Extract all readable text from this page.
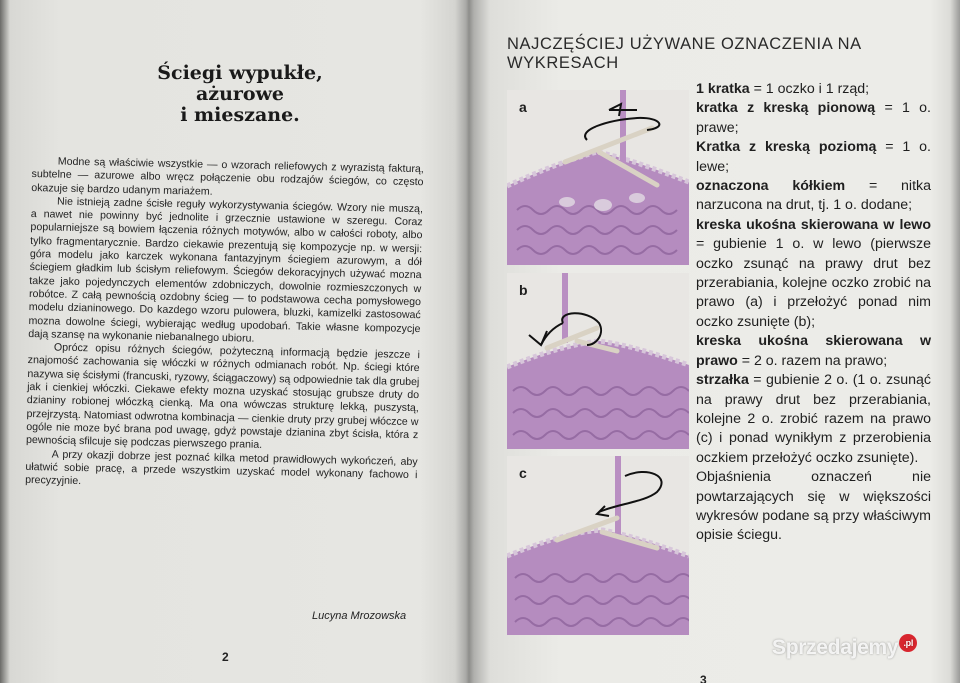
Ściegi wypukłe,
ażurowe
i mieszane.

Modne są właściwie wszystkie — o wzorach reliefowych z wyrazistą fakturą, subtelne — azurowe albo wręcz połączenie obu rodzajów ściegów, co często okazuje się bardzo udanym mariażem.

Nie istnieją zadne ścisłe reguły wykorzystywania ściegów. Wzory nie muszą, a nawet nie powinny być jednolite i grzecznie ustawione w szeregu. Coraz popularniejsze są bowiem łączenia różnych motywów, albo w całości roboty, albo tylko fragmentarycznie. Bardzo ciekawie prezentują się kompozycje np. w wersji: góra modelu jako karczek wykonana fantazyjnym ściegiem azurowym, a dół ściegiem gładkim lub ścisłym reliefowym. Ściegów dekoracyjnych używać mozna takze jako pojedynczych elementów zdobniczych, dowolnie rozmieszczonych w robótce. Z całą pewnością ozdobny ścieg — to podstawowa cecha pomysłowego modelu dzianinowego. Do kazdego wzoru pulowera, bluzki, kamizelki zastosować mozna dowolne ściegi, wybierając według upodobań. Takie własne kompozycje dają szansę na wykonanie niebanalnego ubioru.

Oprócz opisu różnych ściegów, pożyteczną informacją będzie jeszcze i znajomość zachowania się włóczki w różnych odmianach robót. Np. ściegi które nazywa się ścisłymi (francuski, ryzowy, ściągaczowy) są odpowiednie tak dla grubej jak i cienkiej włóczki. Ciekawe efekty mozna uzyskać stosując grubsze druty do dzianiny robionej włóczką cienką. Ma ona wówczas strukturę lekką, puszystą, przejrzystą. Natomiast odwrotna kombinacja — cienkie druty przy grubej włóczce w ogóle nie moze być brana pod uwagę, gdyż powstaje dzianina zbyt ścisła, która z pewnością sfilcuje się podczas pierwszego prania.

A przy okazji dobrze jest poznać kilka metod prawidłowych wykończeń, aby ułatwić sobie pracę, a przede wszystkim uzyskać model wykonany fachowo i precyzyjnie.

Lucyna Mrozowska
2
NAJCZĘŚCIEJ UŻYWANE OZNACZENIA NA WYKRESACH
a
b
c
1 kratka = 1 oczko i 1 rząd;
kratka z kreską pionową = 1 o. prawe;
Kratka z kreską poziomą = 1 o. lewe;
oznaczona kółkiem = nitka narzucona na drut, tj. 1 o. dodane;
kreska ukośna skierowana w lewo = gubienie 1 o. w lewo (pierwsze oczko zsunąć na prawy drut bez przerabiania, kolejne oczko zrobić na prawo (a) i przełożyć ponad nim oczko zsunięte (b);
kreska ukośna skierowana w prawo = 2 o. razem na prawo;
strzałka = gubienie 2 o. (1 o. zsunąć na prawy drut bez przerabiania, kolejne 2 o. zrobić razem na prawo (c) i ponad wynikłym z przerobienia oczkiem przełożyć oczko zsunięte).
Objaśnienia oznaczeń nie powtarzających się w większości wykresów podane są przy właściwym opisie ściegu.
3
Sprzedajemy .pl
